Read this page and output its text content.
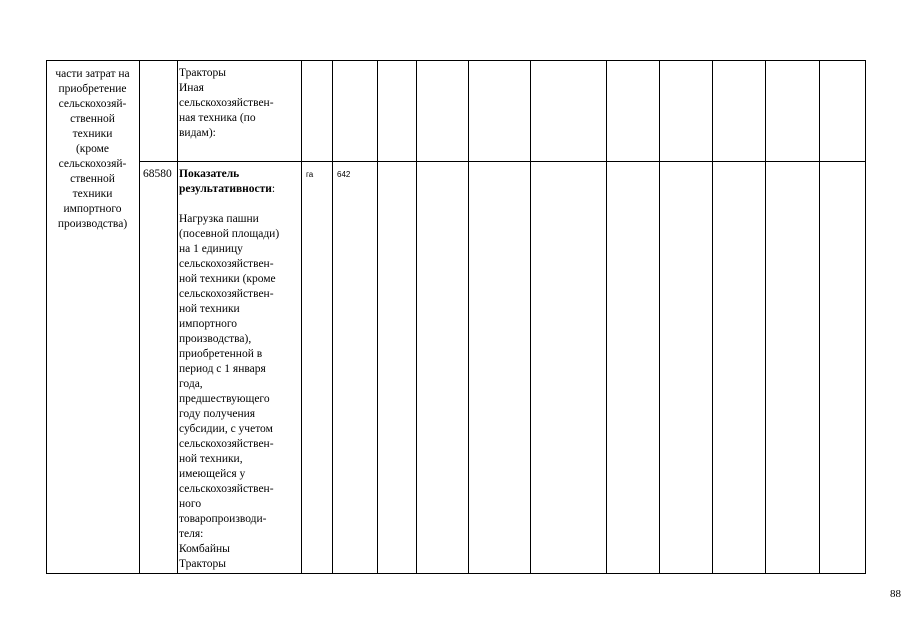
части затрат на
приобретение
сельскохозяй-
ственной
техники
(кроме
сельскохозяй-
ственной
техники
импортного
производства)
Тракторы
Иная
сельскохозяйствен-
ная техника (по
видам):
68580 Показатель
результативности:

Нагрузка пашни
(посевной площади)
на 1 единицу
сельскохозяйствен-
ной техники (кроме
сельскохозяйствен-
ной техники
импортного
производства),
приобретенной в
период с 1 января
года,
предшествующего
году получения
субсидии, с учетом
сельскохозяйствен-
ной техники,
имеющейся у
сельскохозяйствен-
ного
товаропроизводи-
теля:
Комбайны
Тракторы
га	642
88
